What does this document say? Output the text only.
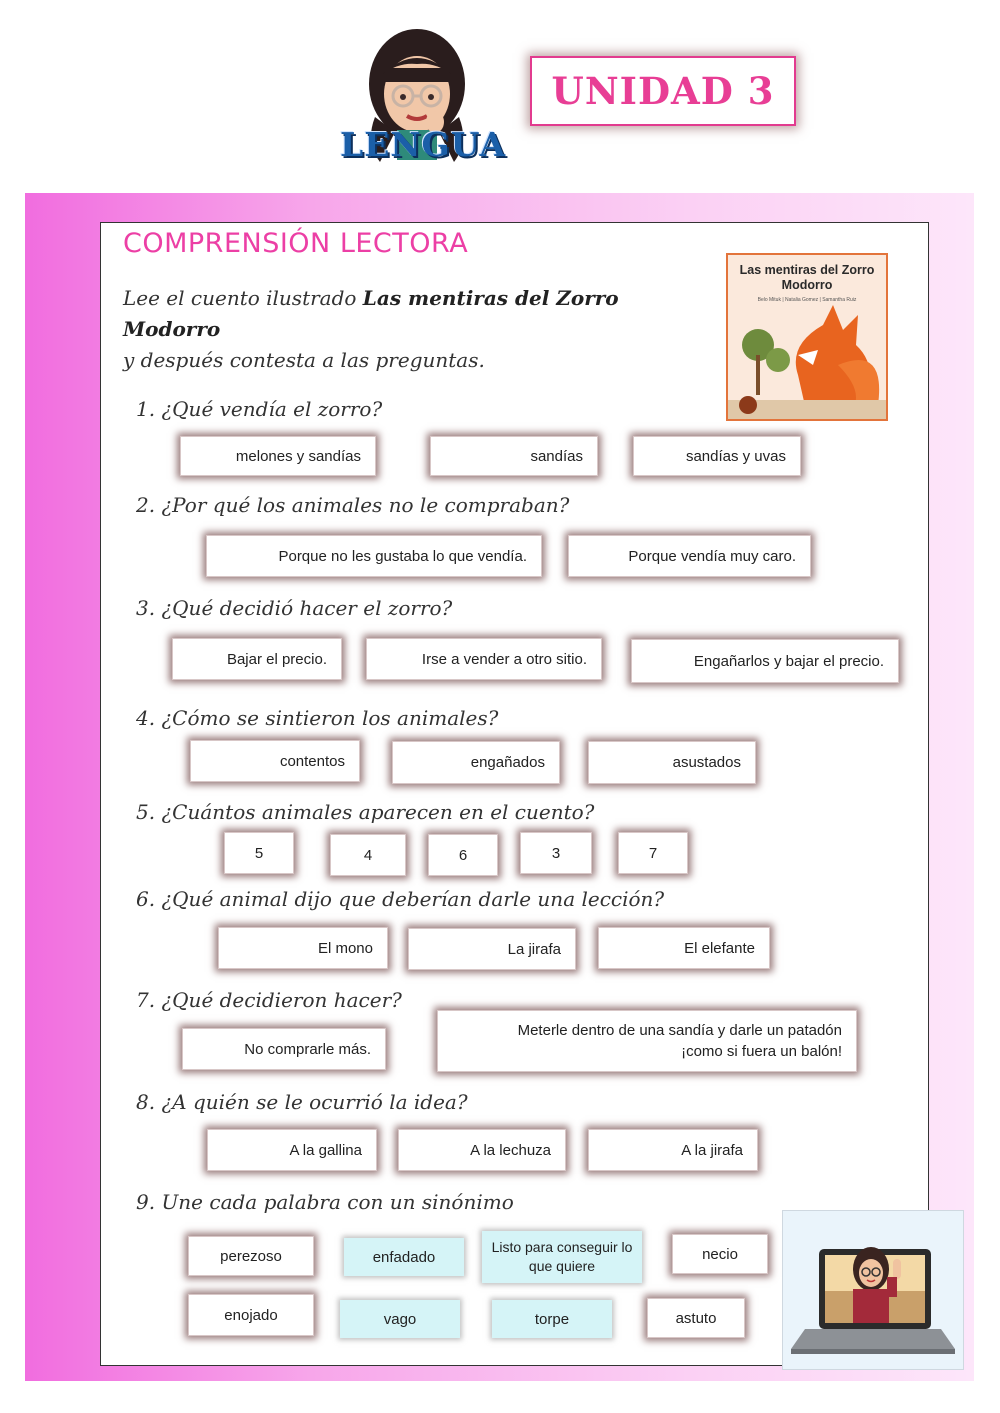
LENGUA
UNIDAD 3
COMPRENSIÓN LECTORA
Lee el cuento ilustrado Las mentiras del Zorro Modorro
y después contesta a las preguntas.
Las mentiras del Zorro Modorro
Belo Mituk | Natalia Gomez | Samantha Ruiz
1. ¿Qué vendía el zorro?
melones y sandías	sandías	sandías y uvas
2. ¿Por qué los animales no le compraban?
Porque no les gustaba lo que vendía.	Porque vendía muy caro.
3. ¿Qué decidió hacer el zorro?
Bajar el precio.	Irse a vender a otro sitio.	Engañarlos y bajar el precio.
4. ¿Cómo se sintieron los animales?
contentos	engañados	asustados
5. ¿Cuántos animales aparecen en el cuento?
5	4	6	3	7
6. ¿Qué animal dijo que deberían darle una lección?
El mono	La jirafa	El elefante
7. ¿Qué decidieron hacer?
No comprarle más.
Meterle dentro de una sandía y darle un patadón
¡como si fuera un balón!
8. ¿A quién se le ocurrió la idea?
A la gallina	A la lechuza	A la jirafa
9. Une cada palabra con un sinónimo
perezoso	enfadado
Listo para conseguir lo que quiere
necio
enojado	vago	torpe	astuto
